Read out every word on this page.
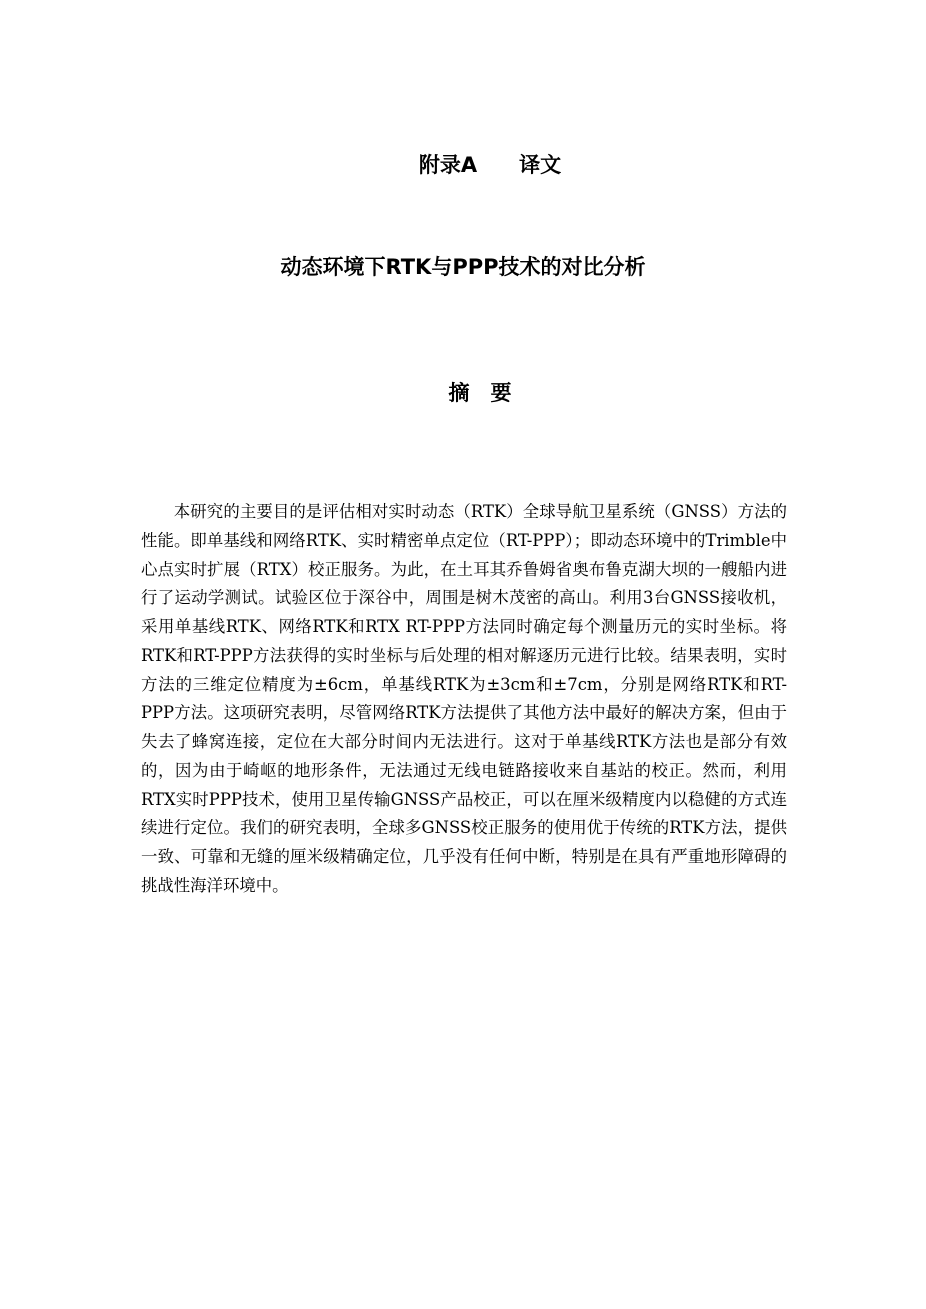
附录A　　译文
动态环境下RTK与PPP技术的对比分析
摘　要

本研究的主要目的是评估相对实时动态（RTK）全球导航卫星系统（GNSS）方法的性能。即单基线和网络RTK、实时精密单点定位（RT-PPP）；即动态环境中的Trimble中心点实时扩展（RTX）校正服务。为此，在土耳其乔鲁姆省奥布鲁克湖大坝的一艘船内进行了运动学测试。试验区位于深谷中，周围是树木茂密的高山。利用3台GNSS接收机，采用单基线RTK、网络RTK和RTX RT-PPP方法同时确定每个测量历元的实时坐标。将RTK和RT-PPP方法获得的实时坐标与后处理的相对解逐历元进行比较。结果表明，实时方法的三维定位精度为±6cm，单基线RTK为±3cm和±7cm，分别是网络RTK和RT-PPP方法。这项研究表明，尽管网络RTK方法提供了其他方法中最好的解决方案，但由于失去了蜂窝连接，定位在大部分时间内无法进行。这对于单基线RTK方法也是部分有效的，因为由于崎岖的地形条件，无法通过无线电链路接收来自基站的校正。然而，利用RTX实时PPP技术，使用卫星传输GNSS产品校正，可以在厘米级精度内以稳健的方式连续进行定位。我们的研究表明，全球多GNSS校正服务的使用优于传统的RTK方法，提供一致、可靠和无缝的厘米级精确定位，几乎没有任何中断，特别是在具有严重地形障碍的挑战性海洋环境中。
